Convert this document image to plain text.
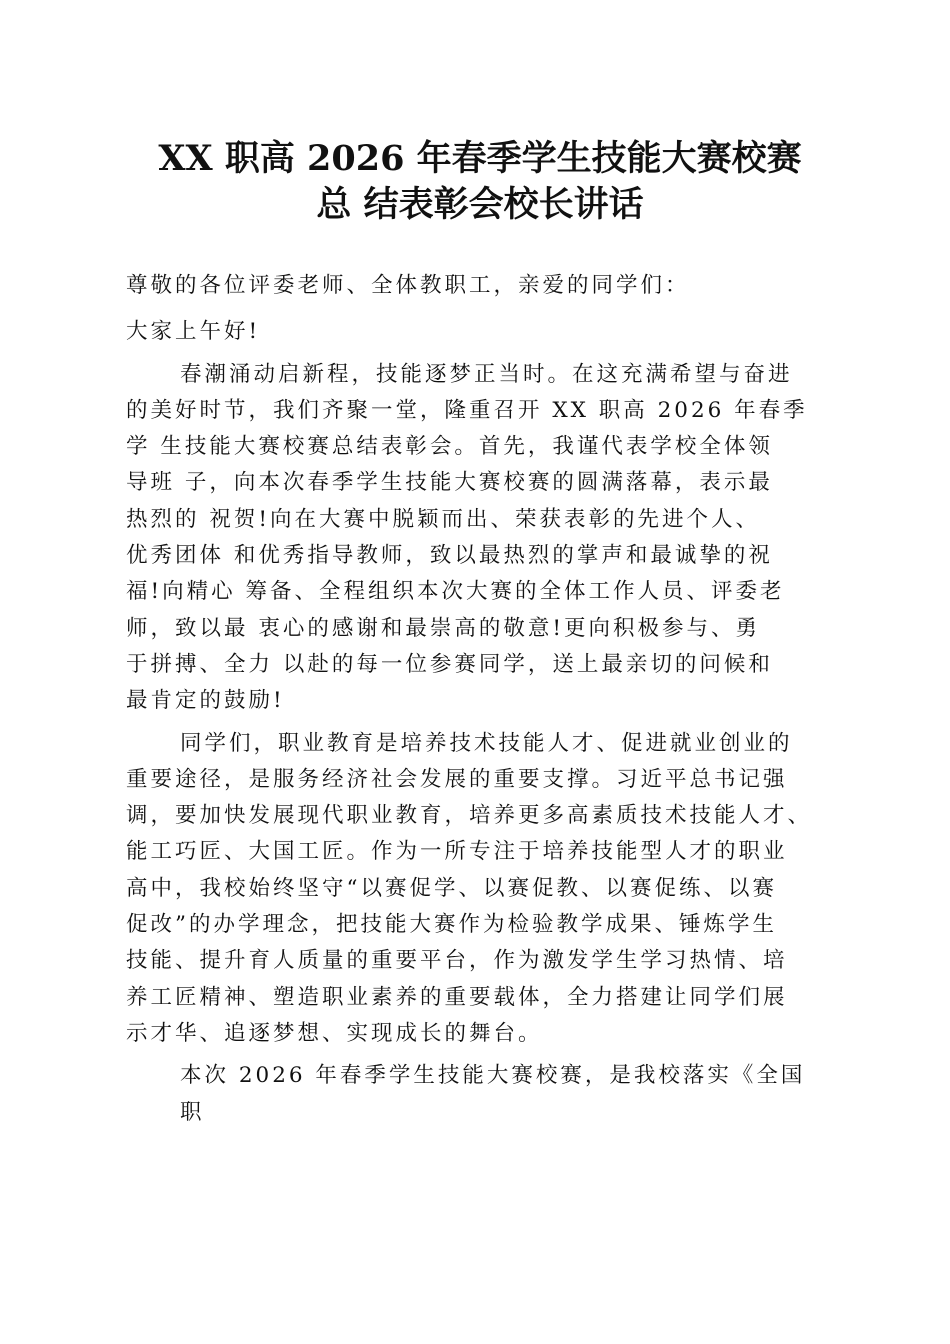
XX 职高 2026 年春季学生技能大赛校赛
总 结表彰会校长讲话

尊敬的各位评委老师、全体教职工，亲爱的同学们：

大家上午好!

春潮涌动启新程，技能逐梦正当时。在这充满希望与奋进
的美好时节，我们齐聚一堂，隆重召开 XX 职高 2026 年春季
学 生技能大赛校赛总结表彰会。首先，我谨代表学校全体领
导班 子，向本次春季学生技能大赛校赛的圆满落幕，表示最
热烈的 祝贺!向在大赛中脱颖而出、荣获表彰的先进个人、
优秀团体 和优秀指导教师，致以最热烈的掌声和最诚挚的祝
福!向精心 筹备、全程组织本次大赛的全体工作人员、评委老
师，致以最 衷心的感谢和最崇高的敬意!更向积极参与、勇
于拼搏、全力 以赴的每一位参赛同学，送上最亲切的问候和
最肯定的鼓励!

同学们，职业教育是培养技术技能人才、促进就业创业的
重要途径，是服务经济社会发展的重要支撑。习近平总书记强
调，要加快发展现代职业教育，培养更多高素质技术技能人才、
能工巧匠、大国工匠。作为一所专注于培养技能型人才的职业
高中，我校始终坚守“以赛促学、以赛促教、以赛促练、以赛
促改”的办学理念，把技能大赛作为检验教学成果、锤炼学生
技能、提升育人质量的重要平台，作为激发学生学习热情、培
养工匠精神、塑造职业素养的重要载体，全力搭建让同学们展
示才华、追逐梦想、实现成长的舞台。

本次 2026 年春季学生技能大赛校赛，是我校落实《全国
职
